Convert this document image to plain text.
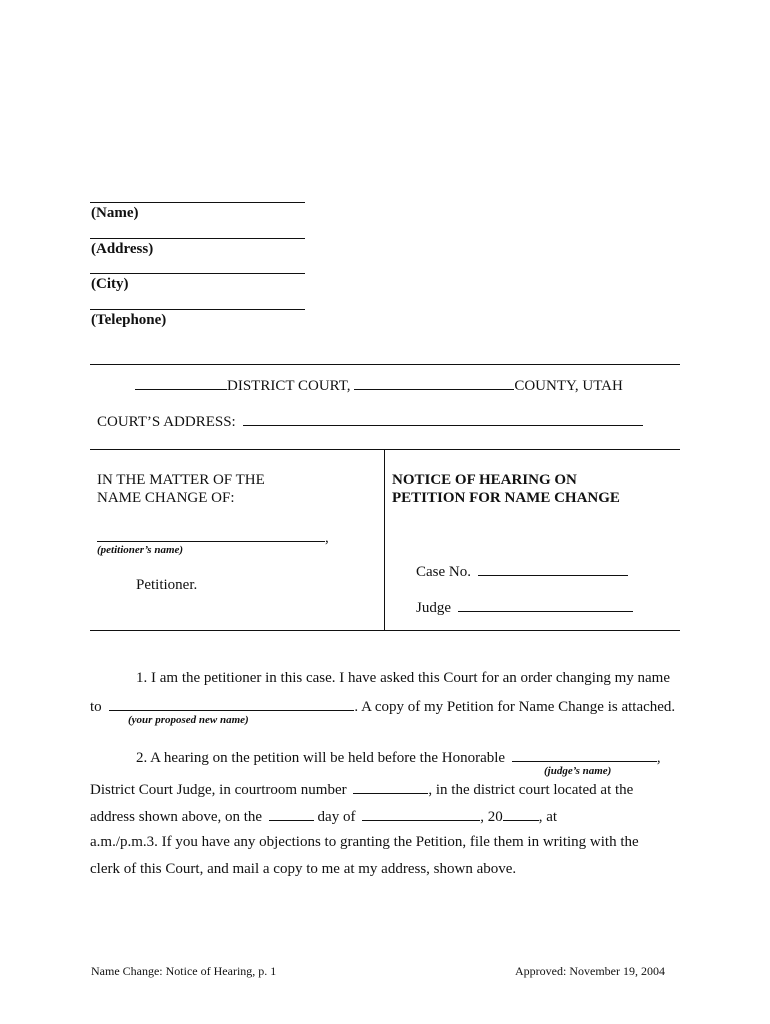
(Name)
(Address)
(City)
(Telephone)
DISTRICT COURT,	COUNTY, UTAH
COURT’S ADDRESS:
IN THE MATTER OF THE
NAME CHANGE OF:
,
(petitioner’s name)
Petitioner.
NOTICE OF HEARING ON
PETITION FOR NAME CHANGE
Case No.
Judge
1. I am the petitioner in this case. I have asked this Court for an order changing my name
to	. A copy of my Petition for Name Change is attached.
(your proposed new name)
2. A hearing on the petition will be held before the Honorable	,
(judge’s name)
District Court Judge, in courtroom number	, in the district court located at the
address shown above, on the	day of	, 20 , at
a.m./p.m.3. If you have any objections to granting the Petition, file them in writing with the
clerk of this Court, and mail a copy to me at my address, shown above.
Name Change: Notice of Hearing, p. 1	Approved: November 19, 2004
